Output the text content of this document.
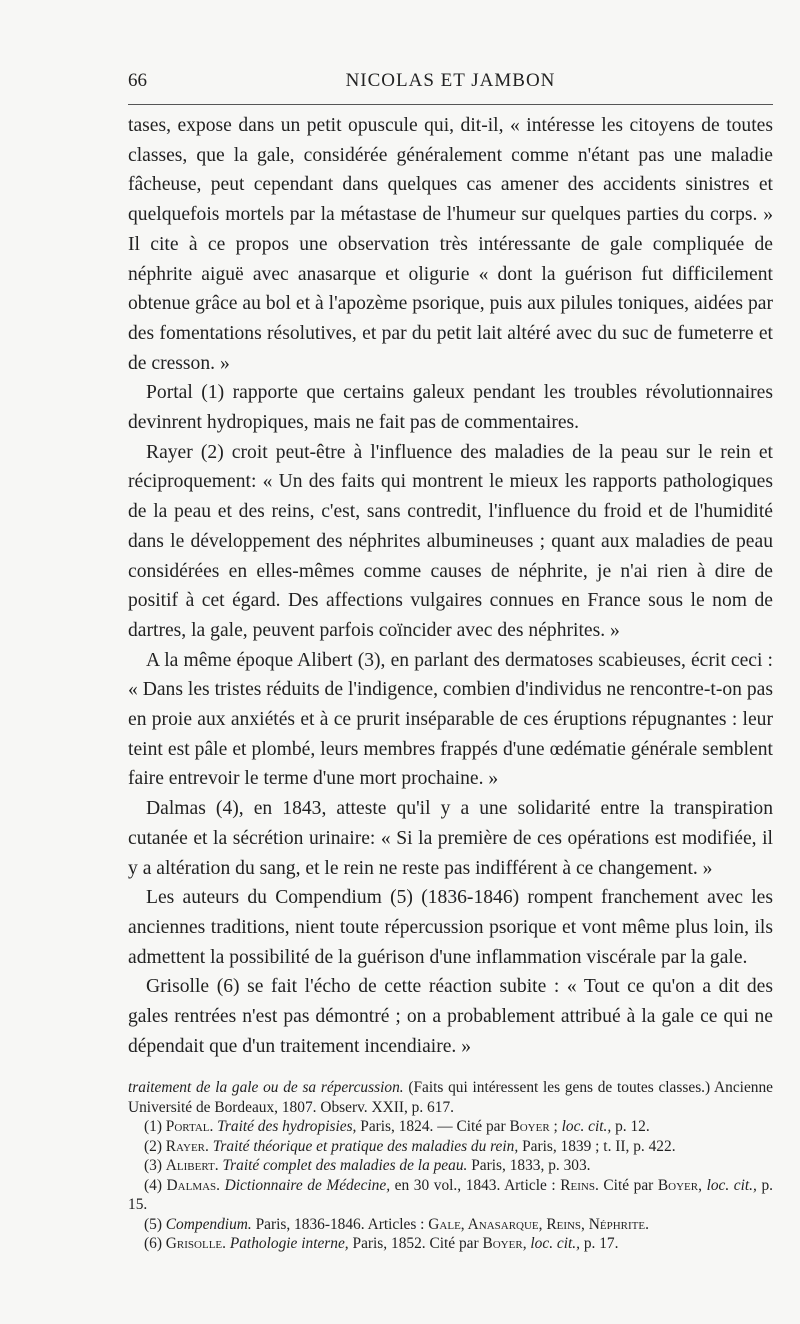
66	NICOLAS ET JAMBON

tases, expose dans un petit opuscule qui, dit-il, « intéresse les citoyens de toutes classes, que la gale, considérée généralement comme n'étant pas une maladie fâcheuse, peut cependant dans quelques cas amener des accidents sinistres et quelquefois mortels par la métastase de l'humeur sur quelques parties du corps. » Il cite à ce propos une observation très intéressante de gale compliquée de néphrite aiguë avec anasarque et oligurie « dont la guérison fut difficilement obtenue grâce au bol et à l'apozème psorique, puis aux pilules toniques, aidées par des fomentations résolutives, et par du petit lait altéré avec du suc de fumeterre et de cresson. »

Portal (1) rapporte que certains galeux pendant les troubles révolutionnaires devinrent hydropiques, mais ne fait pas de commentaires.

Rayer (2) croit peut-être à l'influence des maladies de la peau sur le rein et réciproquement: « Un des faits qui montrent le mieux les rapports pathologiques de la peau et des reins, c'est, sans contredit, l'influence du froid et de l'humidité dans le développement des néphrites albumineuses ; quant aux maladies de peau considérées en elles-mêmes comme causes de néphrite, je n'ai rien à dire de positif à cet égard. Des affections vulgaires connues en France sous le nom de dartres, la gale, peuvent parfois coïncider avec des néphrites. »

A la même époque Alibert (3), en parlant des dermatoses scabieuses, écrit ceci : « Dans les tristes réduits de l'indigence, combien d'individus ne rencontre-t-on pas en proie aux anxiétés et à ce prurit inséparable de ces éruptions répugnantes : leur teint est pâle et plombé, leurs membres frappés d'une œdématie générale semblent faire entrevoir le terme d'une mort prochaine. »

Dalmas (4), en 1843, atteste qu'il y a une solidarité entre la transpiration cutanée et la sécrétion urinaire: « Si la première de ces opérations est modifiée, il y a altération du sang, et le rein ne reste pas indifférent à ce changement. »

Les auteurs du Compendium (5) (1836-1846) rompent franchement avec les anciennes traditions, nient toute répercussion psorique et vont même plus loin, ils admettent la possibilité de la guérison d'une inflammation viscérale par la gale.

Grisolle (6) se fait l'écho de cette réaction subite : « Tout ce qu'on a dit des gales rentrées n'est pas démontré ; on a probablement attribué à la gale ce qui ne dépendait que d'un traitement incendiaire. »

traitement de la gale ou de sa répercussion. (Faits qui intéressent les gens de toutes classes.) Ancienne Université de Bordeaux, 1807. Observ. XXII, p. 617.

(1) Portal. Traité des hydropisies, Paris, 1824. — Cité par Boyer ; loc. cit., p. 12.

(2) Rayer. Traité théorique et pratique des maladies du rein, Paris, 1839 ; t. II, p. 422.

(3) Alibert. Traité complet des maladies de la peau. Paris, 1833, p. 303.

(4) Dalmas. Dictionnaire de Médecine, en 30 vol., 1843. Article : Reins. Cité par Boyer, loc. cit., p. 15.

(5) Compendium. Paris, 1836-1846. Articles : Gale, Anasarque, Reins, Néphrite.

(6) Grisolle. Pathologie interne, Paris, 1852. Cité par Boyer, loc. cit., p. 17.
